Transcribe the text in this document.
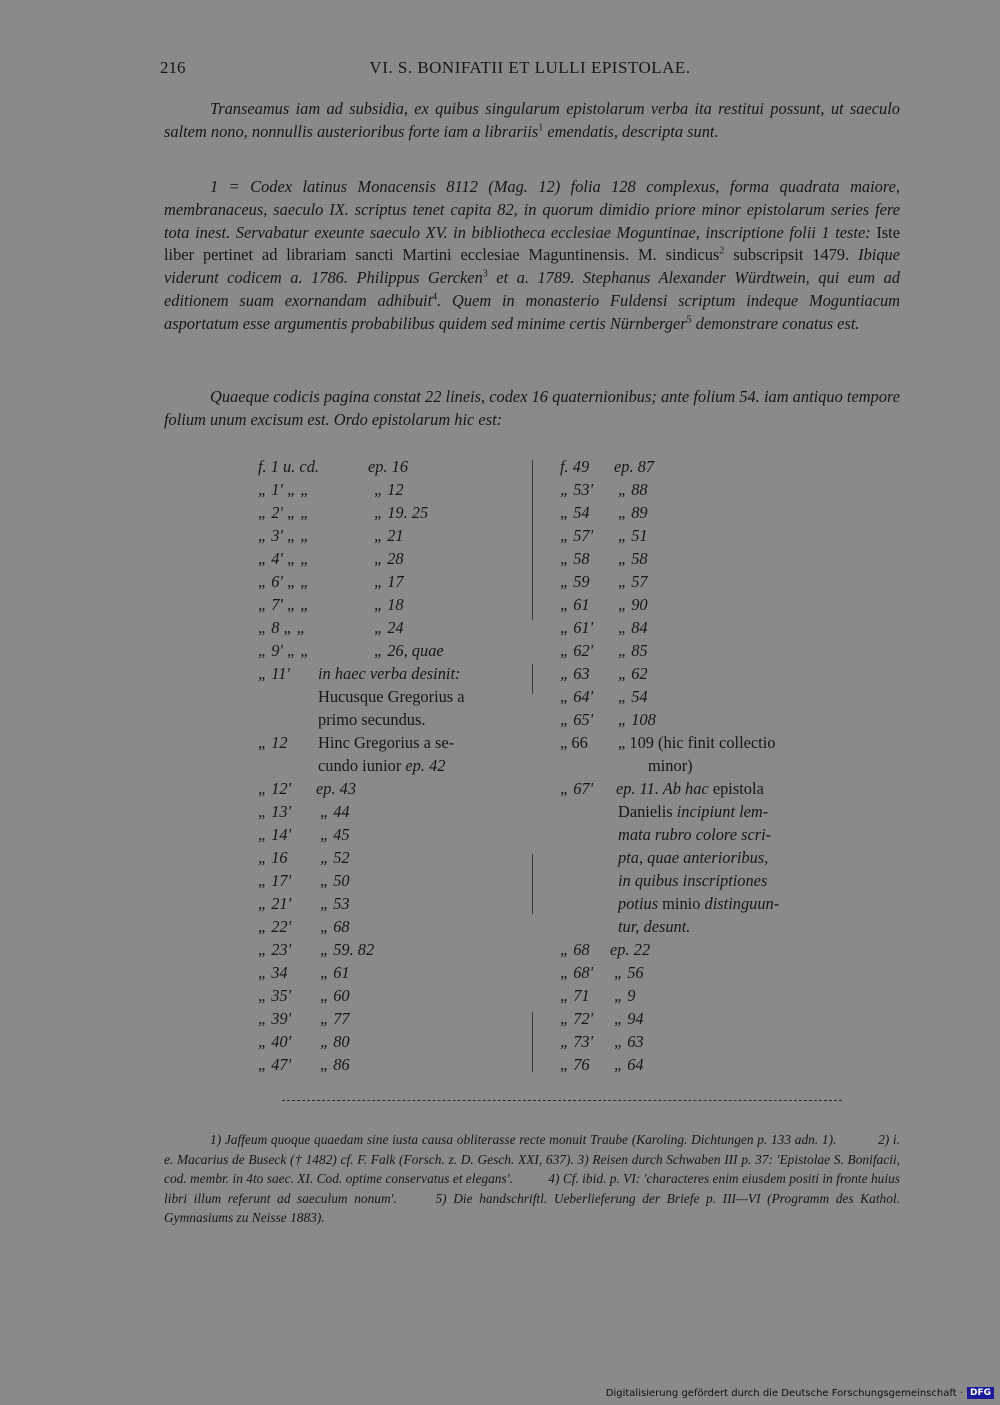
216	VI. S. BONIFATII ET LULLI EPISTOLAE.

Transeamus iam ad subsidia, ex quibus singularum epistolarum verba ita restitui possunt, ut saeculo saltem nono, nonnullis austerioribus forte iam a librariis$^1$ emendatis, descripta sunt.

1 = Codex latinus Monacensis 8112 (Mag. 12) folia 128 complexus, forma quadrata maiore, membranaceus, saeculo IX. scriptus tenet capita 82, in quorum dimidio priore minor epistolarum series fere tota inest. Servabatur exeunte saeculo XV. in bibliotheca ecclesiae Moguntinae, inscriptione folii 1 teste: Iste liber pertinet ad librariam sancti Martini ecclesiae Maguntinensis. M. sindicus$^2$ subscripsit 1479. Ibique viderunt codicem a. 1786. Philippus Gercken$^3$ et a. 1789. Stephanus Alexander Würdtwein, qui eum ad editionem suam exornandam adhibuit$^4$. Quem in monasterio Fuldensi scriptum indeque Moguntiacum asportatum esse argumentis probabilibus quidem sed minime certis Nürnberger$^5$ demonstrare conatus est.

Quaeque codicis pagina constat 22 lineis, codex 16 quaternionibus; ante folium 54. iam antiquo tempore folium unum excisum est. Ordo epistolarum hic est:

f. 1 u. cd.	ep. 16
„ 1' „ „	„ 12
„ 2' „ „	„ 19. 25
„ 3' „ „	„ 21
„ 4' „ „	„ 28
„ 6' „ „	„ 17
„ 7' „ „	„ 18
„ 8 „ „	„ 24
„ 9' „ „	„ 26, quae
„ 11' in haec verba desinit:
Hucusque Gregorius a
primo secundus.
„ 12 Hinc Gregorius a se-
cundo iunior ep. 42
„ 12' ep. 43
„ 13' „ 44
„ 14' „ 45
„ 16 „ 52
„ 17' „ 50
„ 21' „ 53
„ 22' „ 68
„ 23' „ 59. 82
„ 34 „ 61
„ 35' „ 60
„ 39' „ 77
„ 40' „ 80
„ 47' „ 86
f. 49 ep. 87
„ 53' „ 88
„ 54 „ 89
„ 57' „ 51
„ 58 „ 58
„ 59 „ 57
„ 61 „ 90
„ 61' „ 84
„ 62' „ 85
„ 63 „ 62
„ 64' „ 54
„ 65' „ 108
„ 66 „ 109 (hic finit collectio
minor)
„ 67' ep. 11. Ab hac epistola
Danielis incipiunt lem-
mata rubro colore scri-
pta, quae anterioribus,
in quibus inscriptiones
potius minio distinguun-
tur, desunt.
„ 68 ep. 22
„ 68' „ 56
„ 71 „ 9
„ 72' „ 94
„ 73' „ 63
„ 76 „ 64
1) Jaffeum quoque quaedam sine iusta causa obliterasse recte monuit Traube (Karoling. Dichtungen p. 133 adn. 1).	2) i. e. Macarius de Buseck († 1482) cf. F. Falk (Forsch. z. D. Gesch. XXI, 637). 3) Reisen durch Schwaben III p. 37: 'Epistolae S. Bonifacii, cod. membr. in 4to saec. XI. Cod. optime conservatus et elegans'.	4) Cf. ibid. p. VI: 'characteres enim eiusdem positi in fronte huius libri illum referunt ad saeculum nonum'.	5) Die handschriftl. Ueberlieferung der Briefe p. III—VI (Programm des Kathol. Gymnasiums zu Neisse 1883).
Digitalisierung gefördert durch die Deutsche Forschungsgemeinschaft · DFG
